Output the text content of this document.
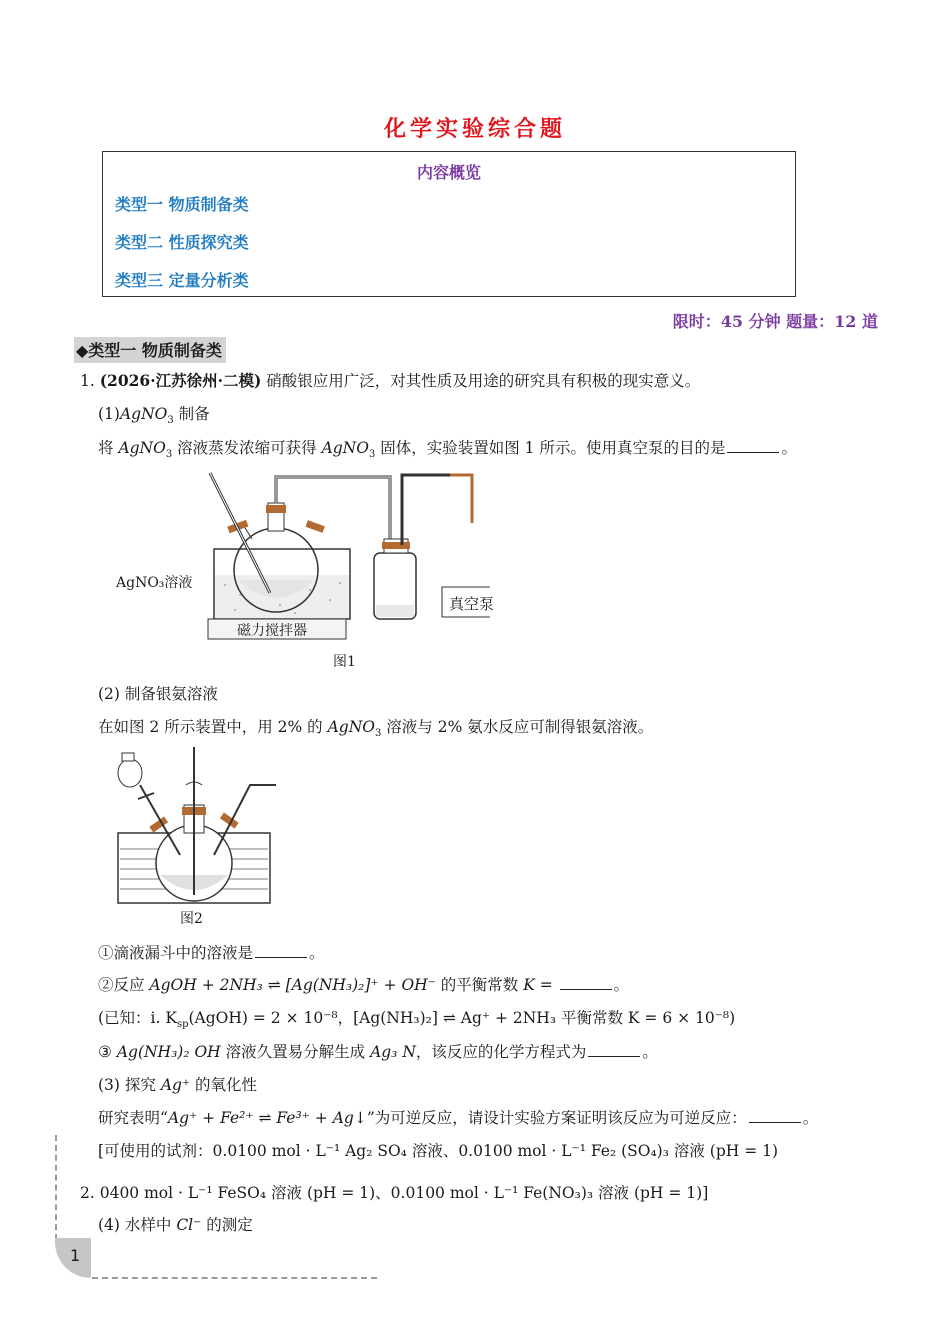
化学实验综合题
内容概览
类型一 物质制备类
类型二 性质探究类
类型三 定量分析类
限时：45 分钟 题量：12 道
◆类型一 物质制备类
1. (2026·江苏徐州·二模) 硝酸银应用广泛，对其性质及用途的研究具有积极的现实意义。
(1)AgNO$_3$ 制备
将 AgNO$_3$ 溶液蒸发浓缩可获得 AgNO$_3$ 固体，实验装置如图 1 所示。使用真空泵的目的是	。
AgNO₃溶液
磁力搅拌器
真空泵
图1
(2) 制备银氨溶液
在如图 2 所示装置中，用 2% 的 AgNO$_3$ 溶液与 2% 氨水反应可制得银氨溶液。
图2
①滴液漏斗中的溶液是	。
②反应 AgOH + 2NH₃ ⇌ [Ag(NH₃)₂]⁺ + OH⁻ 的平衡常数 K =	。
(已知：i. $K_{sp}(AgOH) = 2 \times 10^{-8}$，[Ag(NH₃)₂] ⇌ Ag⁺ + 2NH₃ 平衡常数 K = 6 × 10⁻⁸)
③ Ag(NH₃)₂ OH 溶液久置易分解生成 Ag₃ N，该反应的化学方程式为	。
(3) 探究 Ag⁺ 的氧化性
研究表明“Ag⁺ + Fe²⁺ ⇌ Fe³⁺ + Ag↓”为可逆反应，请设计实验方案证明该反应为可逆反应：	。
[可使用的试剂：0.0100 mol · L⁻¹ Ag₂ SO₄ 溶液、0.0100 mol · L⁻¹ Fe₂ (SO₄)₃ 溶液 (pH = 1)
2. 0400 mol · L⁻¹ FeSO₄ 溶液 (pH = 1)、0.0100 mol · L⁻¹ Fe(NO₃)₃ 溶液 (pH = 1)]
(4) 水样中 Cl⁻ 的测定
1
